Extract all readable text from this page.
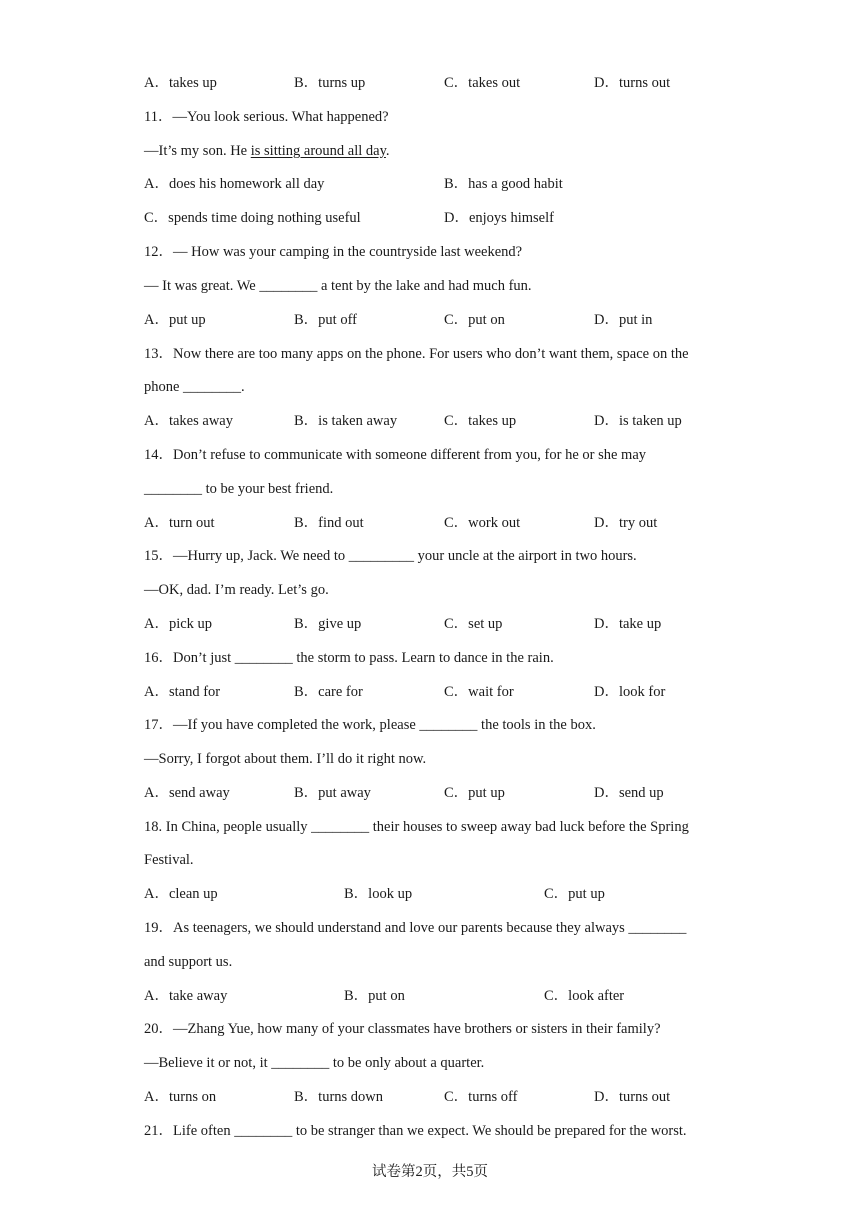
A．takes up	B．turns up	C．takes out	D．turns out
11．—You look serious. What happened?
—It’s my son. He is sitting around all day.
A．does his homework all day	B．has a good habit
C．spends time doing nothing useful	D．enjoys himself
12．— How was your camping in the countryside last weekend?
— It was great. We ________ a tent by the lake and had much fun.
A．put up	B．put off	C．put on	D．put in
13．Now there are too many apps on the phone. For users who don’t want them, space on the
phone ________.
A．takes away	B．is taken away	C．takes up	D．is taken up
14．Don’t refuse to communicate with someone different from you, for he or she may
________ to be your best friend.
A．turn out	B．find out	C．work out	D．try out
15．—Hurry up, Jack. We need to _________ your uncle at the airport in two hours.
—OK, dad. I’m ready. Let’s go.
A．pick up	B．give up	C．set up	D．take up
16．Don’t just ________ the storm to pass. Learn to dance in the rain.
A．stand for	B．care for	C．wait for	D．look for
17．—If you have completed the work, please ________ the tools in the box.
—Sorry, I forgot about them. I’ll do it right now.
A．send away	B．put away	C．put up	D．send up
18. In China, people usually ________ their houses to sweep away bad luck before the Spring
Festival.
A．clean up	B．look up	C．put up
19．As teenagers, we should understand and love our parents because they always ________
and support us.
A．take away	B．put on	C．look after
20．—Zhang Yue, how many of your classmates have brothers or sisters in their family?
—Believe it or not, it ________ to be only about a quarter.
A．turns on	B．turns down	C．turns off	D．turns out
21．Life often ________ to be stranger than we expect. We should be prepared for the worst.
试卷第2页，共5页
